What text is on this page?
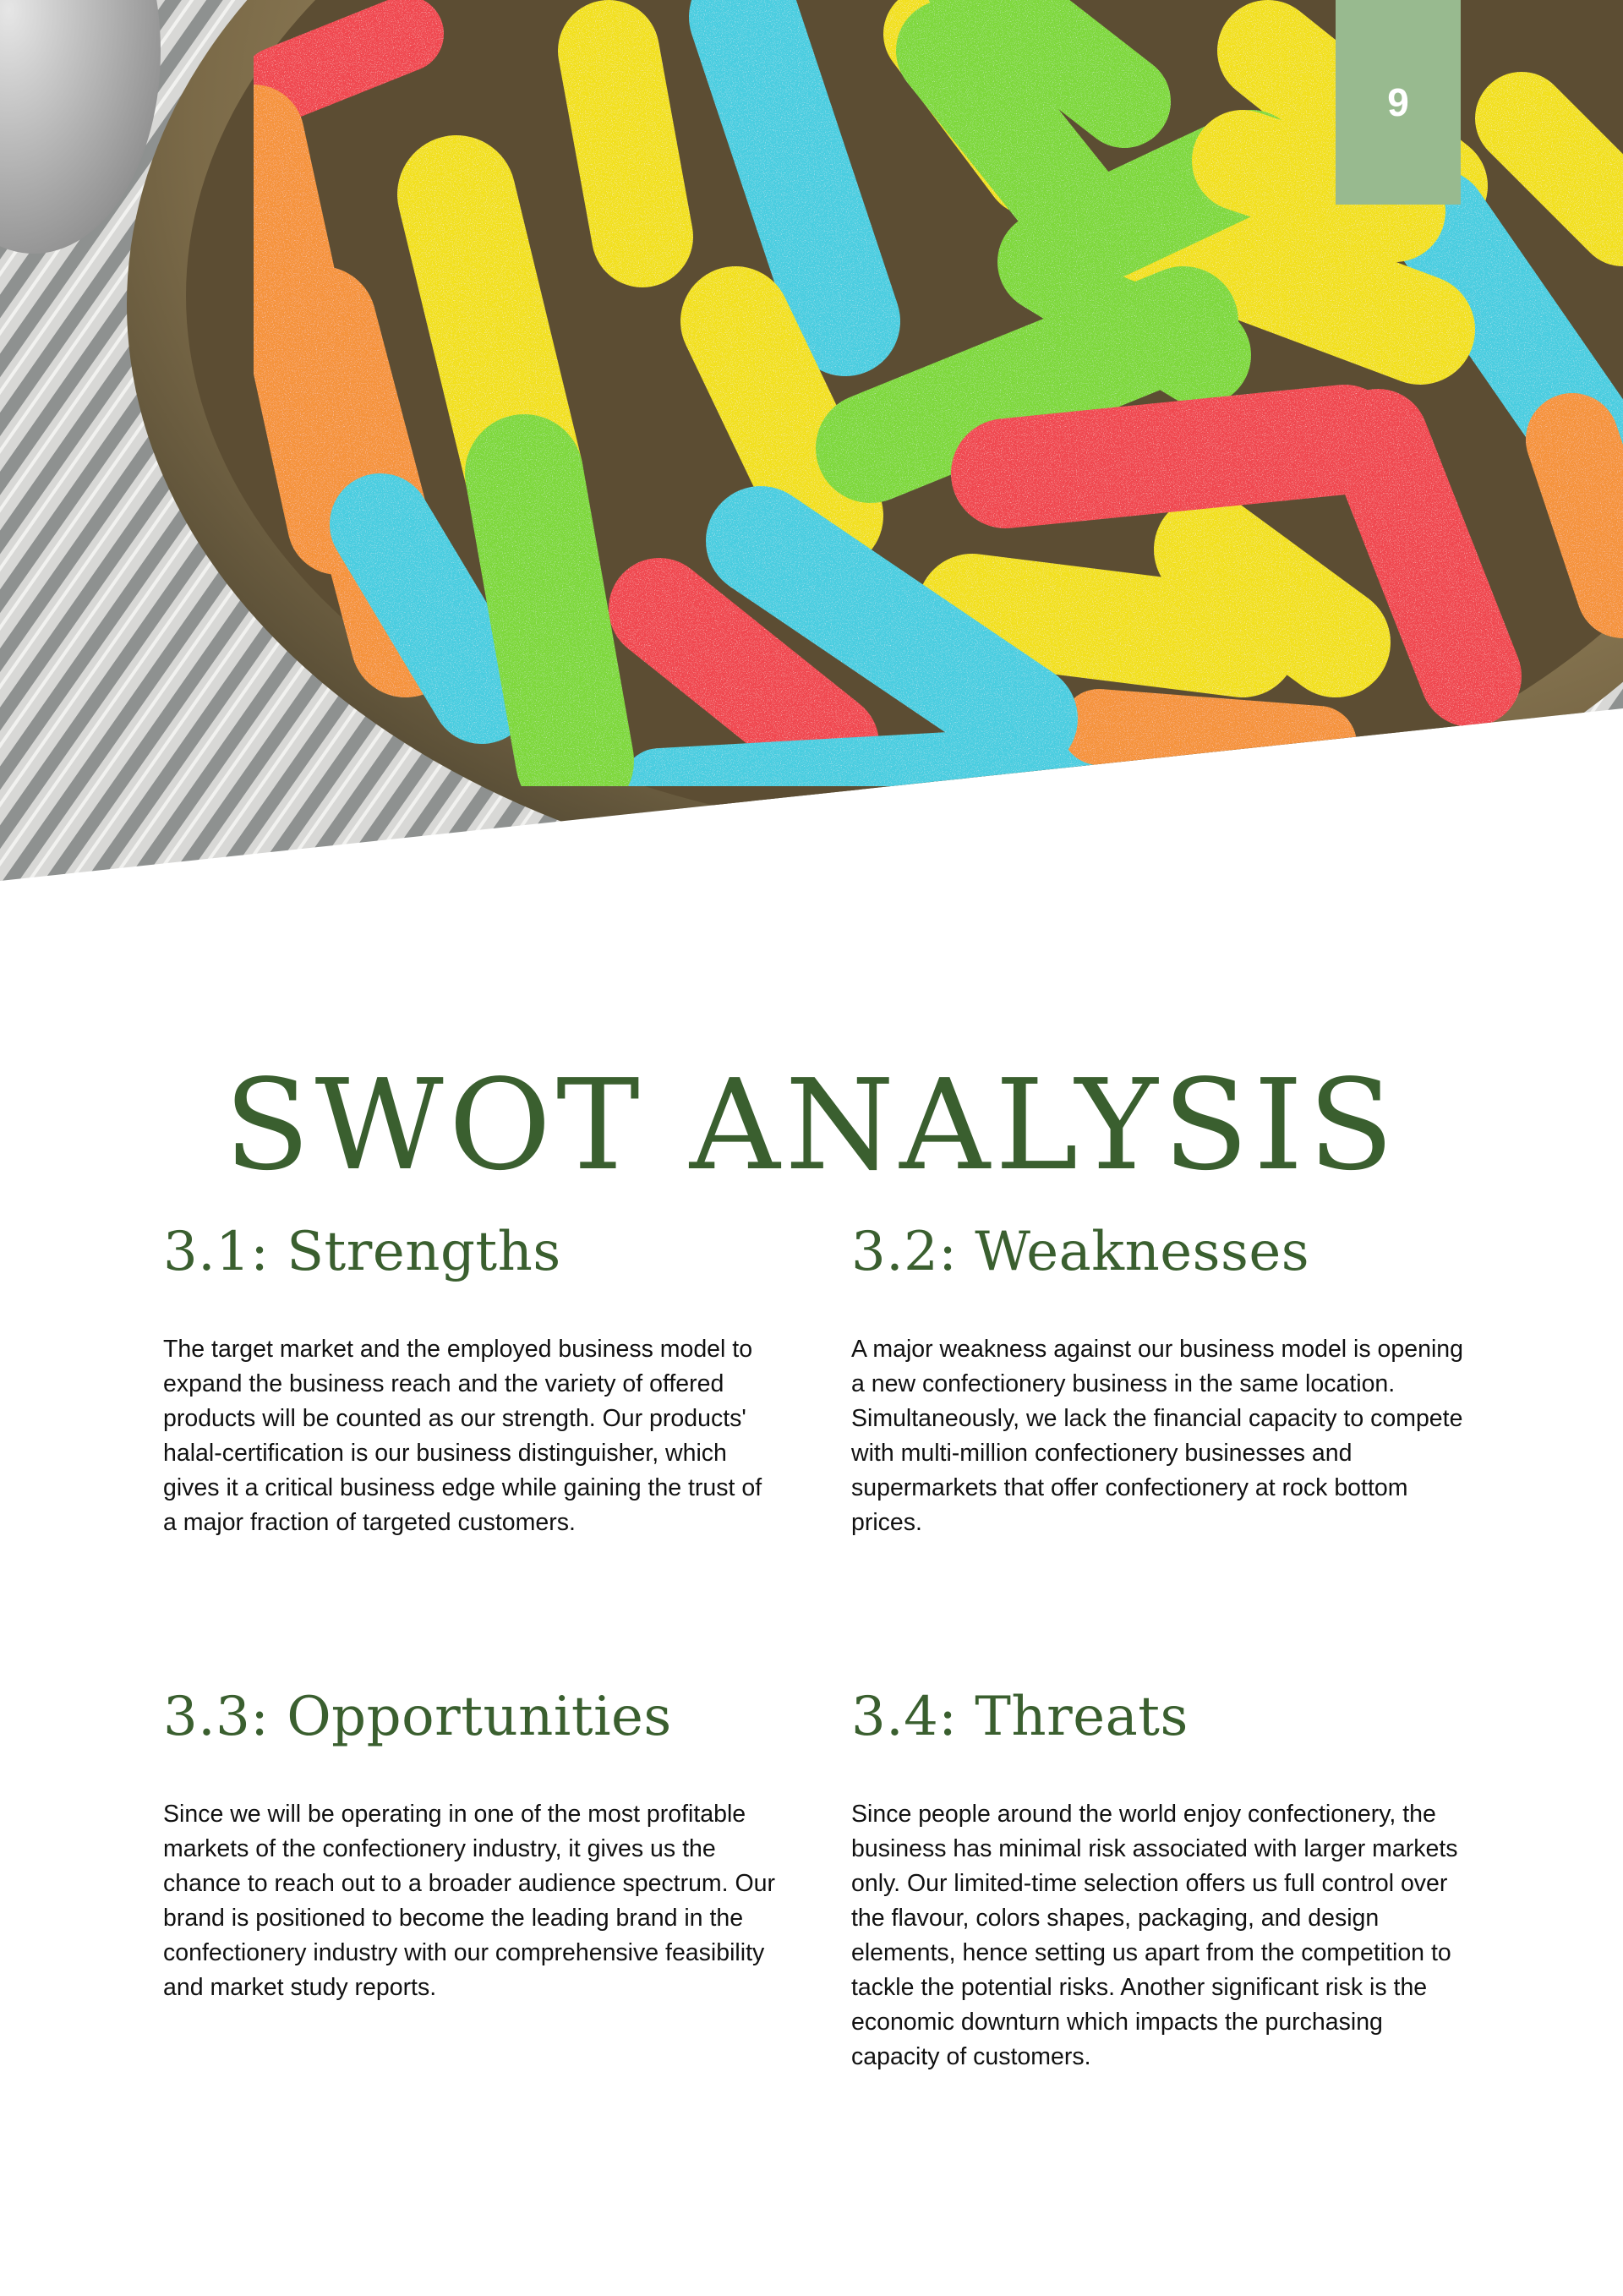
9
SWOT ANALYSIS
3.1: Strengths

The target market and the employed business model to expand the business reach and the variety of offered products will be counted as our strength. Our products' halal-certification is our business distinguisher, which gives it a critical business edge while gaining the trust of a major fraction of targeted customers.

3.2: Weaknesses

A major weakness against our business model is opening a new confectionery business in the same location. Simultaneously, we lack the financial capacity to compete with multi-million confectionery businesses and supermarkets that offer confectionery at rock bottom prices.

3.3: Opportunities

Since we will be operating in one of the most profitable markets of the confectionery industry, it gives us the chance to reach out to a broader audience spectrum. Our brand is positioned to become the leading brand in the confectionery industry with our comprehensive feasibility and market study reports.

3.4: Threats

Since people around the world enjoy confectionery, the business has minimal risk associated with larger markets only. Our limited-time selection offers us full control over the flavour, colors shapes, packaging, and design elements, hence setting us apart from the competition to tackle the potential risks. Another significant risk is the economic downturn which impacts the purchasing capacity of customers.
